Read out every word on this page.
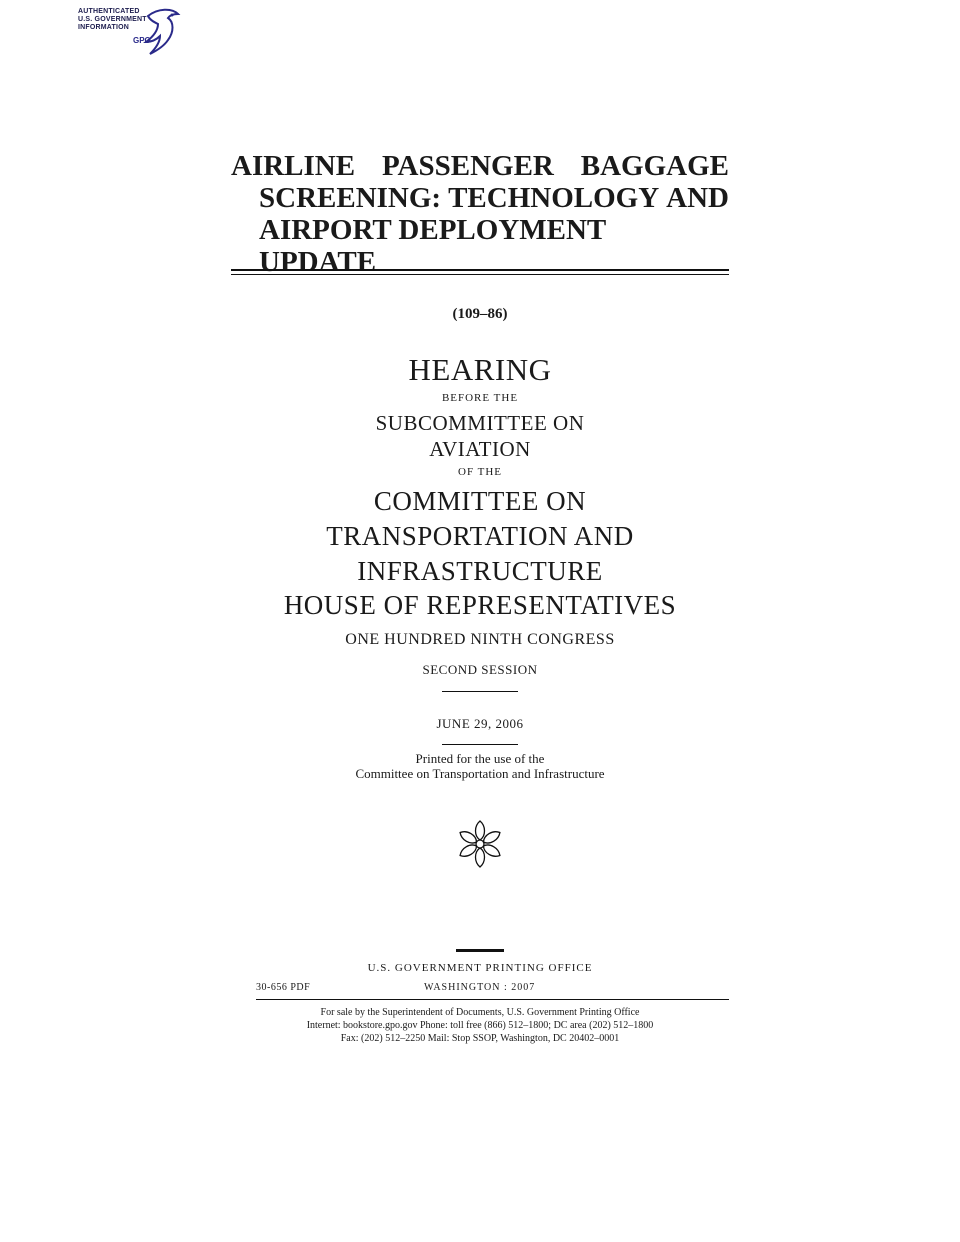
AUTHENTICATED
U.S. GOVERNMENT
INFORMATION
GPO
AIRLINE PASSENGER BAGGAGE
SCREENING: TECHNOLOGY AND
AIRPORT DEPLOYMENT UPDATE
(109–86)
HEARING
BEFORE THE
SUBCOMMITTEE ON
AVIATION
OF THE
COMMITTEE ON
TRANSPORTATION AND
INFRASTRUCTURE
HOUSE OF REPRESENTATIVES
ONE HUNDRED NINTH CONGRESS
SECOND SESSION
JUNE 29, 2006
Printed for the use of the
Committee on Transportation and Infrastructure
U.S. GOVERNMENT PRINTING OFFICE
30-656 PDF	WASHINGTON : 2007
For sale by the Superintendent of Documents, U.S. Government Printing Office
Internet: bookstore.gpo.gov Phone: toll free (866) 512–1800; DC area (202) 512–1800
Fax: (202) 512–2250 Mail: Stop SSOP, Washington, DC 20402–0001
